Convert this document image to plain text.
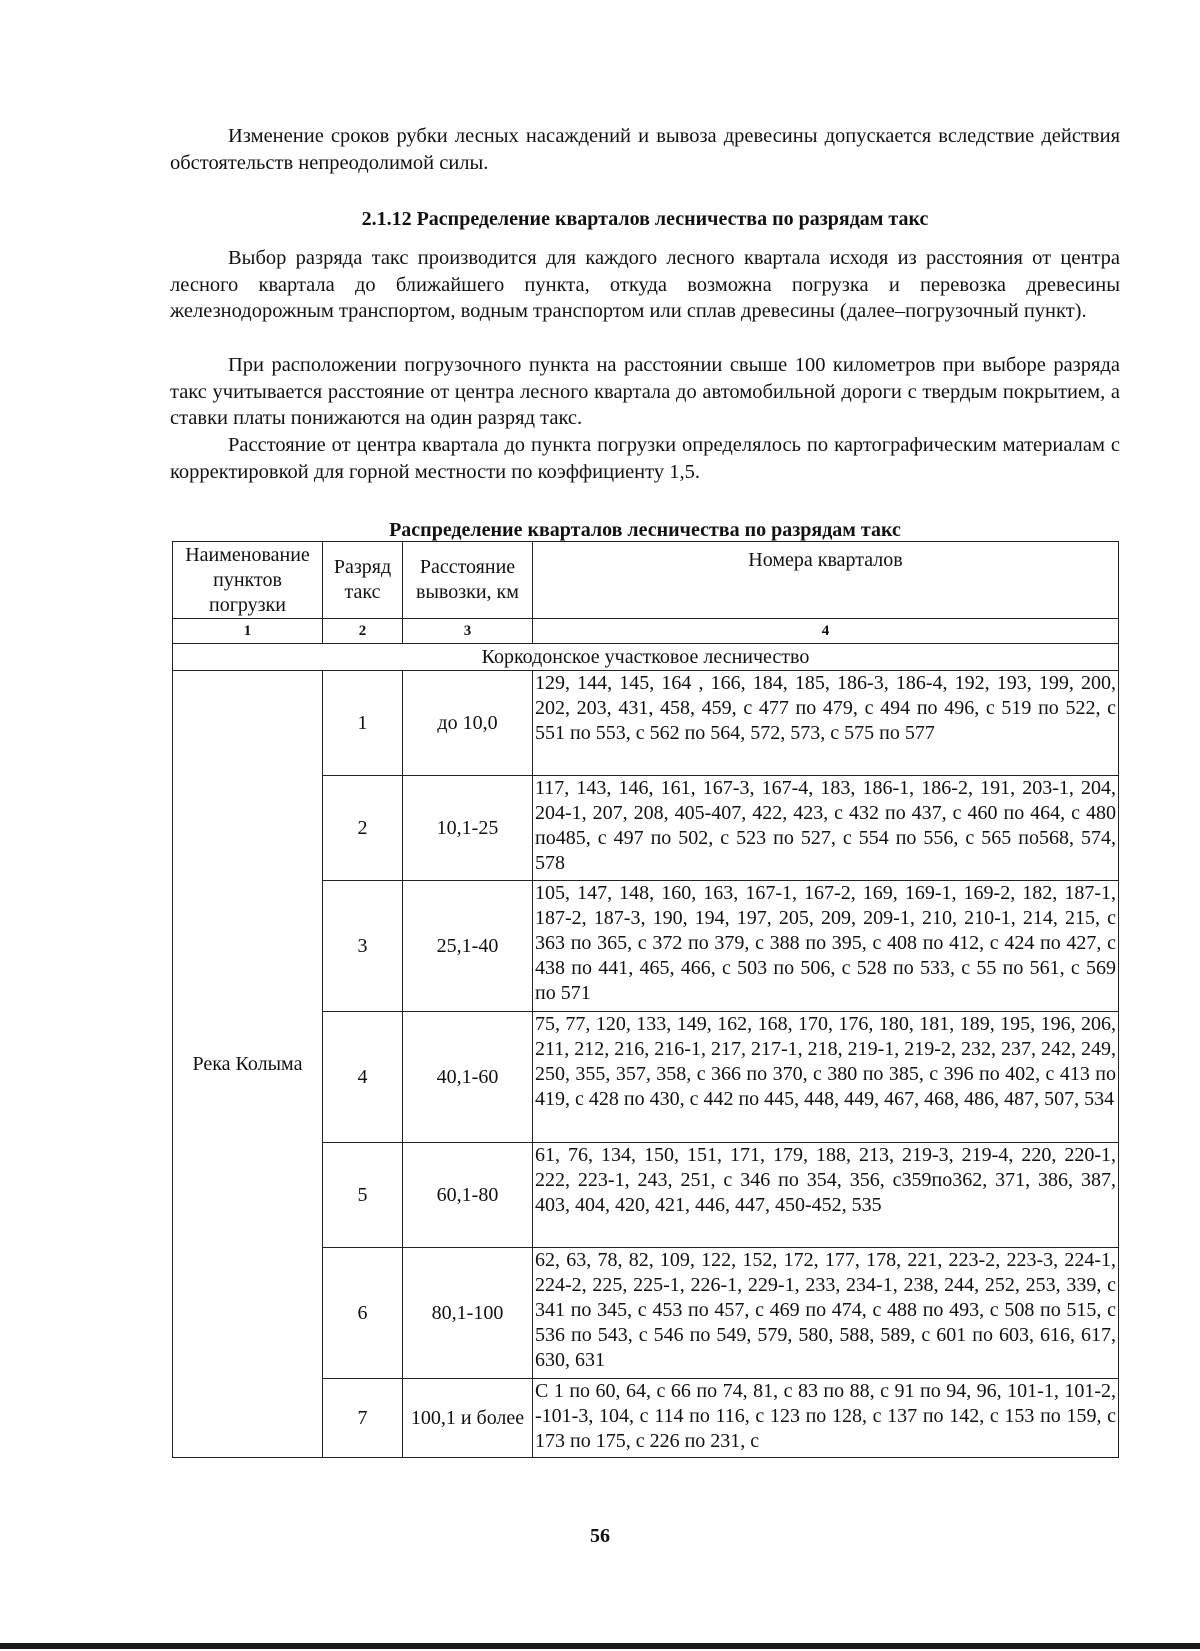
Изменение сроков рубки лесных насаждений и вывоза древесины допускается вследствие действия обстоятельств непреодолимой силы.

2.1.12 Распределение кварталов лесничества по разрядам такс

Выбор разряда такс производится для каждого лесного квартала исходя из расстояния от центра лесного квартала до ближайшего пункта, откуда возможна погрузка и перевозка древесины железнодорожным транспортом, водным транспортом или сплав древесины (далее–погрузочный пункт).

При расположении погрузочного пункта на расстоянии свыше 100 километров при выборе разряда такс учитывается расстояние от центра лесного квартала до автомобильной дороги с твердым покрытием, а ставки платы понижаются на один разряд такс.

Расстояние от центра квартала до пункта погрузки определялось по картографическим материалам с корректировкой для горной местности по коэффициенту 1,5.

Распределение кварталов лесничества по разрядам такс
Наименование пунктов погрузки	Разряд такс	Расстояние вывозки, км	Номера кварталов
1	2	3	4
Коркодонское участковое лесничество			
Река Колыма	1	до 10,0	129, 144, 145, 164 , 166, 184, 185, 186-3, 186-4, 192, 193, 199, 200, 202, 203, 431, 458, 459, с 477 по 479, с 494 по 496, с 519 по 522, с 551 по 553, с 562 по 564, 572, 573, с 575 по 577
	2	10,1-25	117, 143, 146, 161, 167-3, 167-4, 183, 186-1, 186-2, 191, 203-1, 204, 204-1, 207, 208, 405-407, 422, 423, с 432 по 437, с 460 по 464, с 480 по485, с 497 по 502, с 523 по 527, с 554 по 556, с 565 по568, 574, 578
	3	25,1-40	105, 147, 148, 160, 163, 167-1, 167-2, 169, 169-1, 169-2, 182, 187-1, 187-2, 187-3, 190, 194, 197, 205, 209, 209-1, 210, 210-1, 214, 215, с 363 по 365, с 372 по 379, с 388 по 395, с 408 по 412, с 424 по 427, с 438 по 441, 465, 466, с 503 по 506, с 528 по 533, с 55 по 561, с 569 по 571
	4	40,1-60	75, 77, 120, 133, 149, 162, 168, 170, 176, 180, 181, 189, 195, 196, 206, 211, 212, 216, 216-1, 217, 217-1, 218, 219-1, 219-2, 232, 237, 242, 249, 250, 355, 357, 358, с 366 по 370, с 380 по 385, с 396 по 402, с 413 по 419, с 428 по 430, с 442 по 445, 448, 449, 467, 468, 486, 487, 507, 534
	5	60,1-80	61, 76, 134, 150, 151, 171, 179, 188, 213, 219-3, 219-4, 220, 220-1, 222, 223-1, 243, 251, с 346 по 354, 356, с359по362, 371, 386, 387, 403, 404, 420, 421, 446, 447, 450-452, 535
	6	80,1-100	62, 63, 78, 82, 109, 122, 152, 172, 177, 178, 221, 223-2, 223-3, 224-1, 224-2, 225, 225-1, 226-1, 229-1, 233, 234-1, 238, 244, 252, 253, 339, с 341 по 345, с 453 по 457, с 469 по 474, с 488 по 493, с 508 по 515, с 536 по 543, с 546 по 549, 579, 580, 588, 589, с 601 по 603, 616, 617, 630, 631
	7	100,1 и более	С 1 по 60, 64, с 66 по 74, 81, с 83 по 88, с 91 по 94, 96, 101-1, 101-2, -101-3, 104, с 114 по 116, с 123 по 128, с 137 по 142, с 153 по 159, с 173 по 175, с 226 по 231, с
56
